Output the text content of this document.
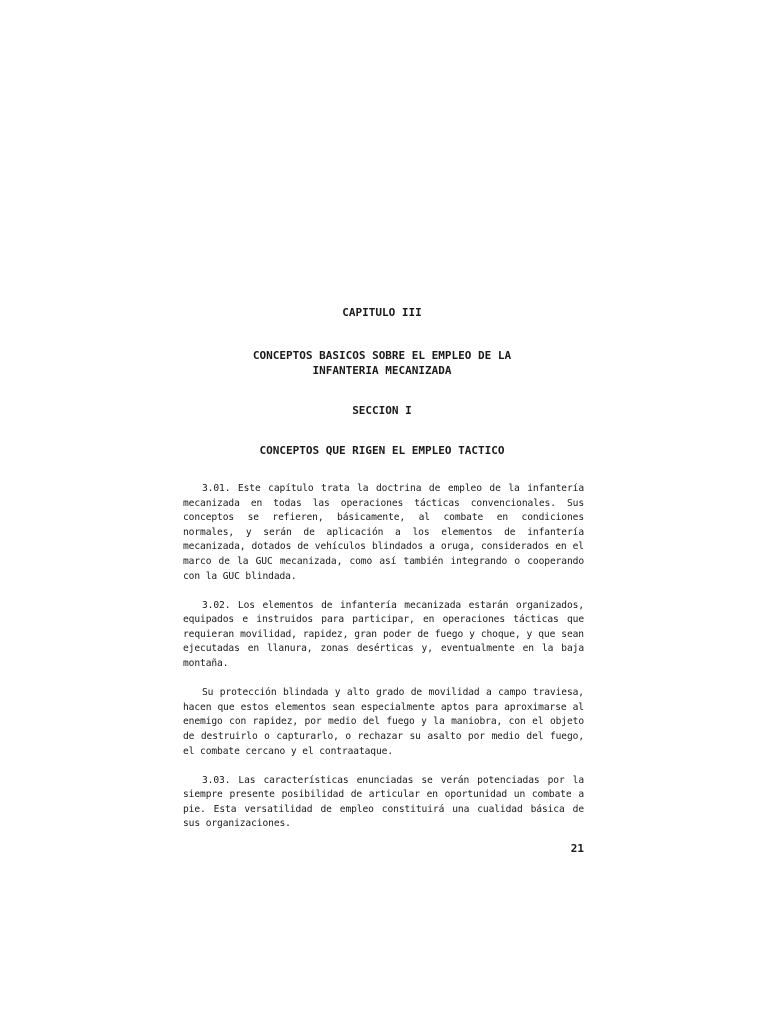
CAPITULO III
CONCEPTOS BASICOS SOBRE EL EMPLEO DE LA
INFANTERIA MECANIZADA
SECCION I
CONCEPTOS QUE RIGEN EL EMPLEO TACTICO

3.01. Este capítulo trata la doctrina de empleo de la infantería mecanizada en todas las operaciones tácticas convencionales. Sus conceptos se refieren, básicamente, al combate en condiciones normales, y serán de aplicación a los elementos de infantería mecanizada, dotados de vehículos blindados a oruga, considerados en el marco de la GUC mecanizada, como así también integrando o cooperando con la GUC blindada.

3.02. Los elementos de infantería mecanizada estarán organizados, equipados e instruidos para participar, en operaciones tácticas que requieran movilidad, rapidez, gran poder de fuego y choque, y que sean ejecutadas en llanura, zonas desérticas y, eventualmente en la baja montaña.

Su protección blindada y alto grado de movilidad a campo traviesa, hacen que estos elementos sean especialmente aptos para aproximarse al enemigo con rapidez, por medio del fuego y la maniobra, con el objeto de destruirlo o capturarlo, o rechazar su asalto por medio del fuego, el combate cercano y el contraataque.

3.03. Las características enunciadas se verán potenciadas por la siempre presente posibilidad de articular en oportunidad un combate a pie. Esta versatilidad de empleo constituirá una cualidad básica de sus organizaciones.

21
